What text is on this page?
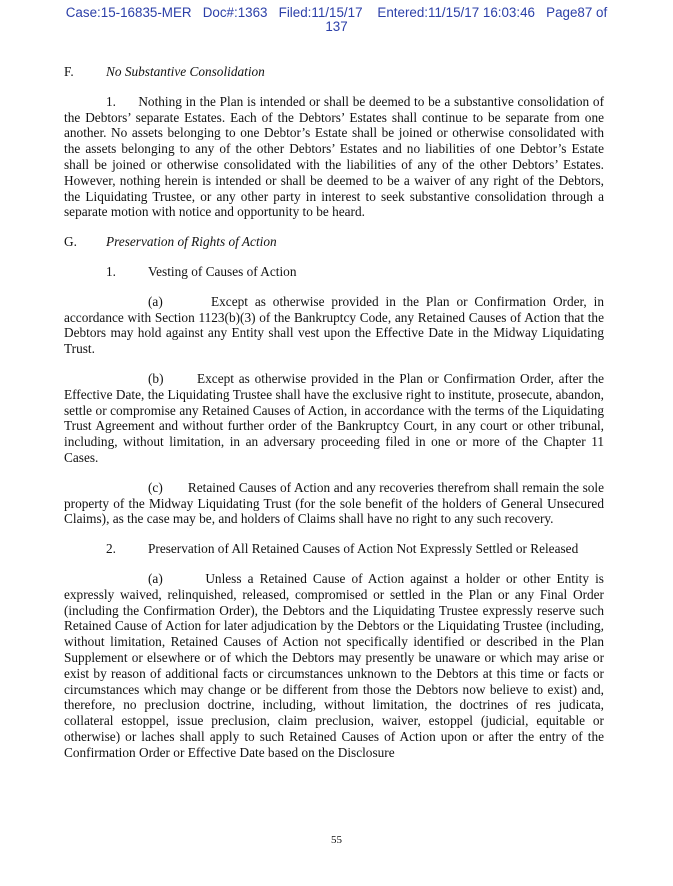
Case:15-16835-MER   Doc#:1363   Filed:11/15/17    Entered:11/15/17 16:03:46   Page87 of
137
F.	No Substantive Consolidation

1. Nothing in the Plan is intended or shall be deemed to be a substantive consolidation of the Debtors’ separate Estates. Each of the Debtors’ Estates shall continue to be separate from one another. No assets belonging to one Debtor’s Estate shall be joined or otherwise consolidated with the assets belonging to any of the other Debtors’ Estates and no liabilities of one Debtor’s Estate shall be joined or otherwise consolidated with the liabilities of any of the other Debtors’ Estates. However, nothing herein is intended or shall be deemed to be a waiver of any right of the Debtors, the Liquidating Trustee, or any other party in interest to seek substantive consolidation through a separate motion with notice and opportunity to be heard.

G.	Preservation of Rights of Action
1.	Vesting of Causes of Action

(a)	Except as otherwise provided in the Plan or Confirmation Order, in accordance with Section 1123(b)(3) of the Bankruptcy Code, any Retained Causes of Action that the Debtors may hold against any Entity shall vest upon the Effective Date in the Midway Liquidating Trust.

(b)	Except as otherwise provided in the Plan or Confirmation Order, after the Effective Date, the Liquidating Trustee shall have the exclusive right to institute, prosecute, abandon, settle or compromise any Retained Causes of Action, in accordance with the terms of the Liquidating Trust Agreement and without further order of the Bankruptcy Court, in any court or other tribunal, including, without limitation, in an adversary proceeding filed in one or more of the Chapter 11 Cases.

(c) Retained Causes of Action and any recoveries therefrom shall remain the sole property of the Midway Liquidating Trust (for the sole benefit of the holders of General Unsecured Claims), as the case may be, and holders of Claims shall have no right to any such recovery.

2.	Preservation of All Retained Causes of Action Not Expressly Settled or Released

(a)	Unless a Retained Cause of Action against a holder or other Entity is expressly waived, relinquished, released, compromised or settled in the Plan or any Final Order (including the Confirmation Order), the Debtors and the Liquidating Trustee expressly reserve such Retained Cause of Action for later adjudication by the Debtors or the Liquidating Trustee (including, without limitation, Retained Causes of Action not specifically identified or described in the Plan Supplement or elsewhere or of which the Debtors may presently be unaware or which may arise or exist by reason of additional facts or circumstances unknown to the Debtors at this time or facts or circumstances which may change or be different from those the Debtors now believe to exist) and, therefore, no preclusion doctrine, including, without limitation, the doctrines of res judicata, collateral estoppel, issue preclusion, claim preclusion, waiver, estoppel (judicial, equitable or otherwise) or laches shall apply to such Retained Causes of Action upon or after the entry of the Confirmation Order or Effective Date based on the Disclosure

55
